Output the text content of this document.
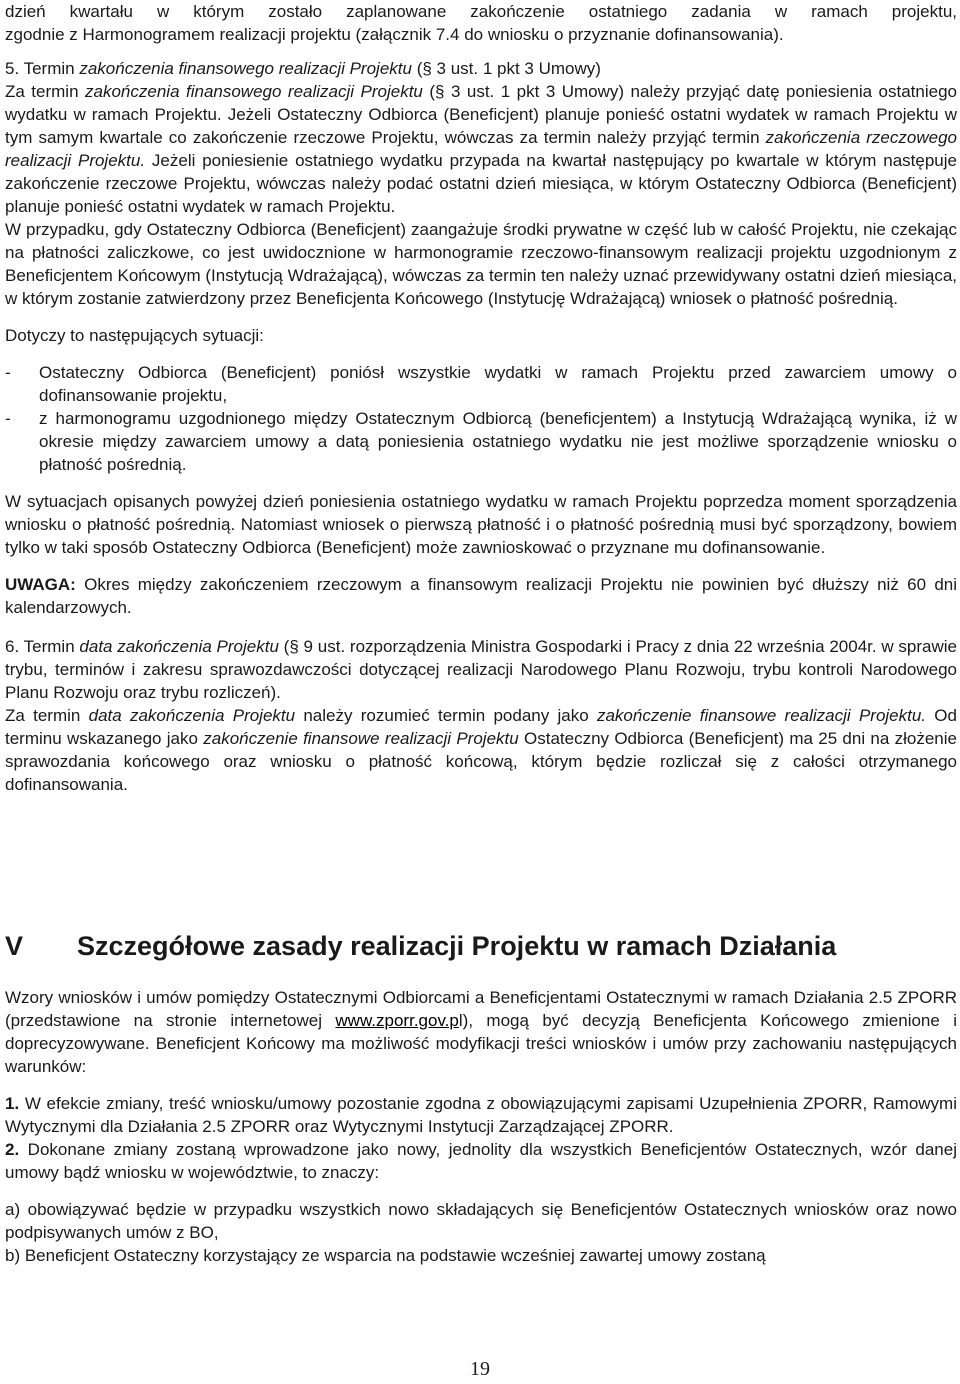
dzień kwartału w którym zostało zaplanowane zakończenie ostatniego zadania w ramach projektu,
zgodnie z Harmonogramem realizacji projektu (załącznik 7.4 do wniosku o przyznanie dofinansowania).

5. Termin zakończenia finansowego realizacji Projektu (§ 3 ust. 1 pkt 3 Umowy)

Za termin zakończenia finansowego realizacji Projektu (§ 3 ust. 1 pkt 3 Umowy) należy przyjąć datę poniesienia ostatniego wydatku w ramach Projektu. Jeżeli Ostateczny Odbiorca (Beneficjent) planuje ponieść ostatni wydatek w ramach Projektu w tym samym kwartale co zakończenie rzeczowe Projektu, wówczas za termin należy przyjąć termin zakończenia rzeczowego realizacji Projektu. Jeżeli poniesienie ostatniego wydatku przypada na kwartał następujący po kwartale w którym następuje zakończenie rzeczowe Projektu, wówczas należy podać ostatni dzień miesiąca, w którym Ostateczny Odbiorca (Beneficjent) planuje ponieść ostatni wydatek w ramach Projektu.

W przypadku, gdy Ostateczny Odbiorca (Beneficjent) zaangażuje środki prywatne w część lub w całość Projektu, nie czekając na płatności zaliczkowe, co jest uwidocznione w harmonogramie rzeczowo-finansowym realizacji projektu uzgodnionym z Beneficjentem Końcowym (Instytucją Wdrażającą), wówczas za termin ten należy uznać przewidywany ostatni dzień miesiąca, w którym zostanie zatwierdzony przez Beneficjenta Końcowego (Instytucję Wdrażającą) wniosek o płatność pośrednią.

Dotyczy to następujących sytuacji:

-	Ostateczny Odbiorca (Beneficjent) poniósł wszystkie wydatki w ramach Projektu przed zawarciem umowy o dofinansowanie projektu,
-	z harmonogramu uzgodnionego między Ostatecznym Odbiorcą (beneficjentem) a Instytucją Wdrażającą wynika, iż w okresie między zawarciem umowy a datą poniesienia ostatniego wydatku nie jest możliwe sporządzenie wniosku o płatność pośrednią.

W sytuacjach opisanych powyżej dzień poniesienia ostatniego wydatku w ramach Projektu poprzedza moment sporządzenia wniosku o płatność pośrednią. Natomiast wniosek o pierwszą płatność i o płatność pośrednią musi być sporządzony, bowiem tylko w taki sposób Ostateczny Odbiorca (Beneficjent) może zawnioskować o przyznane mu dofinansowanie.

UWAGA: Okres między zakończeniem rzeczowym a finansowym realizacji Projektu nie powinien być dłuższy niż 60 dni kalendarzowych.

6. Termin data zakończenia Projektu (§ 9 ust. rozporządzenia Ministra Gospodarki i Pracy z dnia 22 września 2004r. w sprawie trybu, terminów i zakresu sprawozdawczości dotyczącej realizacji Narodowego Planu Rozwoju, trybu kontroli Narodowego Planu Rozwoju oraz trybu rozliczeń).

Za termin data zakończenia Projektu należy rozumieć termin podany jako zakończenie finansowe realizacji Projektu. Od terminu wskazanego jako zakończenie finansowe realizacji Projektu Ostateczny Odbiorca (Beneficjent) ma 25 dni na złożenie sprawozdania końcowego oraz wniosku o płatność końcową, którym będzie rozliczał się z całości otrzymanego dofinansowania.

V	Szczegółowe zasady realizacji Projektu w ramach Działania

Wzory wniosków i umów pomiędzy Ostatecznymi Odbiorcami a Beneficjentami Ostatecznymi w ramach Działania 2.5 ZPORR (przedstawione na stronie internetowej www.zporr.gov.pl), mogą być decyzją Beneficjenta Końcowego zmienione i doprecyzowywane. Beneficjent Końcowy ma możliwość modyfikacji treści wniosków i umów przy zachowaniu następujących warunków:

1. W efekcie zmiany, treść wniosku/umowy pozostanie zgodna z obowiązującymi zapisami Uzupełnienia ZPORR, Ramowymi Wytycznymi dla Działania 2.5 ZPORR oraz Wytycznymi Instytucji Zarządzającej ZPORR.

2. Dokonane zmiany zostaną wprowadzone jako nowy, jednolity dla wszystkich Beneficjentów Ostatecznych, wzór danej umowy bądź wniosku w województwie, to znaczy:

a) obowiązywać będzie w przypadku wszystkich nowo składających się Beneficjentów Ostatecznych wniosków oraz nowo podpisywanych umów z BO,

b) Beneficjent Ostateczny korzystający ze wsparcia na podstawie wcześniej zawartej umowy zostaną

19
